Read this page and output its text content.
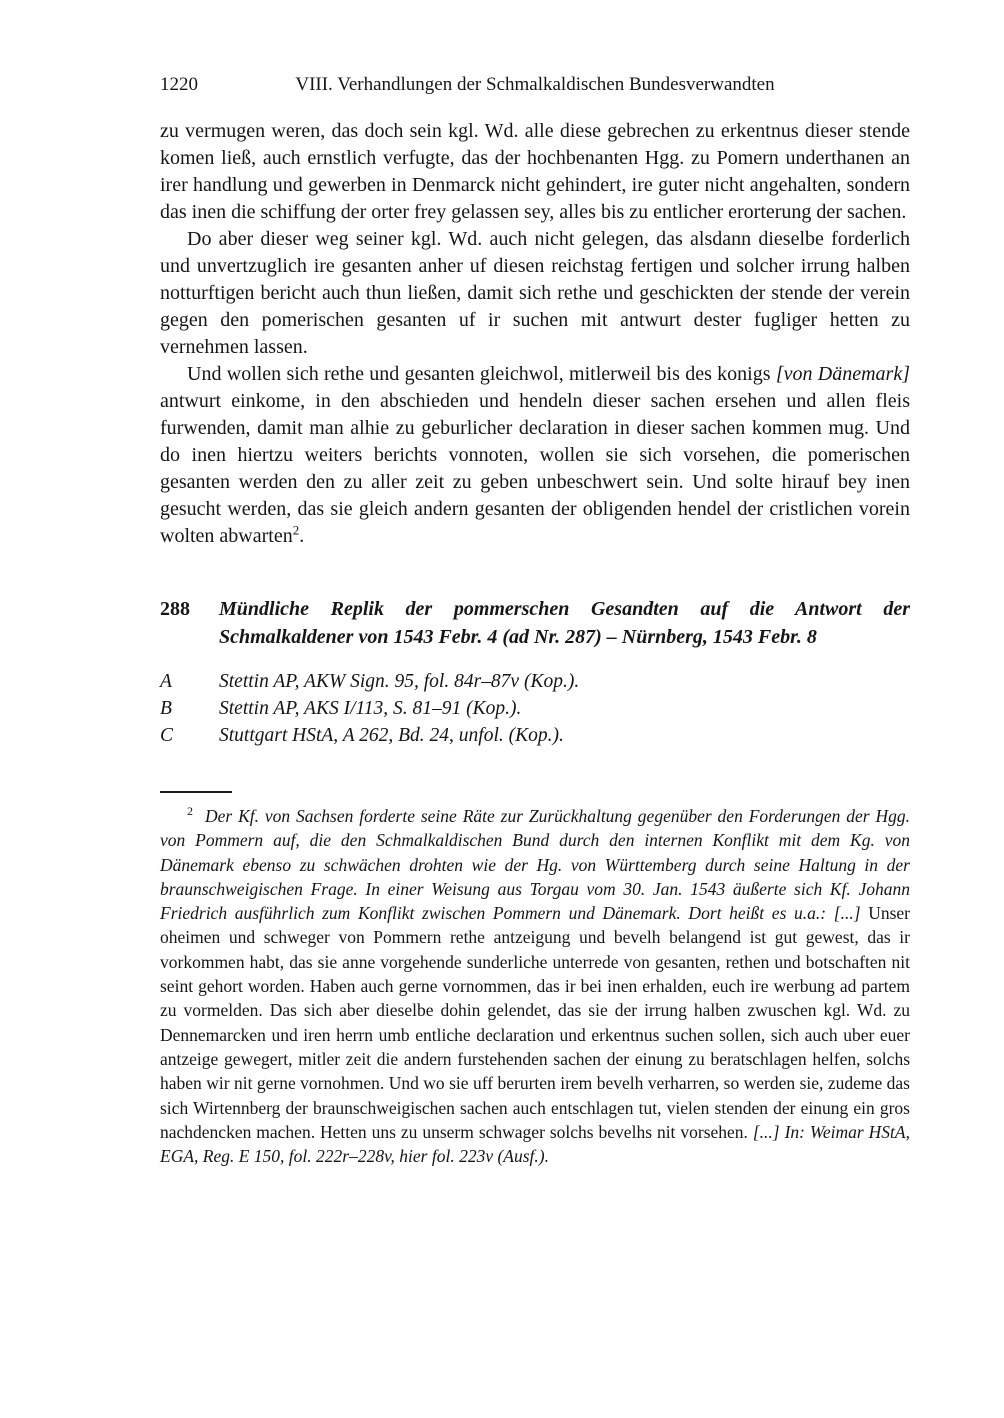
1220	VIII. Verhandlungen der Schmalkaldischen Bundesverwandten

zu vermugen weren, das doch sein kgl. Wd. alle diese gebrechen zu erkentnus dieser stende komen ließ, auch ernstlich verfugte, das der hochbenanten Hgg. zu Pomern underthanen an irer handlung und gewerben in Denmarck nicht gehindert, ire guter nicht angehalten, sondern das inen die schiffung der orter frey gelassen sey, alles bis zu entlicher erorterung der sachen.

Do aber dieser weg seiner kgl. Wd. auch nicht gelegen, das alsdann dieselbe forderlich und unvertzuglich ire gesanten anher uf diesen reichstag fertigen und solcher irrung halben notturftigen bericht auch thun ließen, damit sich rethe und geschickten der stende der verein gegen den pomerischen gesanten uf ir suchen mit antwurt dester fugliger hetten zu vernehmen lassen.

Und wollen sich rethe und gesanten gleichwol, mitlerweil bis des konigs [von Dänemark] antwurt einkome, in den abschieden und hendeln dieser sachen ersehen und allen fleis furwenden, damit man alhie zu geburlicher declaration in dieser sachen kommen mug. Und do inen hiertzu weiters berichts vonnoten, wollen sie sich vorsehen, die pomerischen gesanten werden den zu aller zeit zu geben unbeschwert sein. Und solte hirauf bey inen gesucht werden, das sie gleich andern gesanten der obligenden hendel der cristlichen vorein wolten abwarten$^2$.

288	Mündliche Replik der pommerschen Gesandten auf die Antwort der Schmalkaldener von 1543 Febr. 4 (ad Nr. 287) – Nürnberg, 1543 Febr. 8
A	Stettin AP, AKW Sign. 95, fol. 84r–87v (Kop.).
B	Stettin AP, AKS I/113, S. 81–91 (Kop.).
C	Stuttgart HStA, A 262, Bd. 24, unfol. (Kop.).

$^2$ Der Kf. von Sachsen forderte seine Räte zur Zurückhaltung gegenüber den Forderungen der Hgg. von Pommern auf, die den Schmalkaldischen Bund durch den internen Konflikt mit dem Kg. von Dänemark ebenso zu schwächen drohten wie der Hg. von Württemberg durch seine Haltung in der braunschweigischen Frage. In einer Weisung aus Torgau vom 30. Jan. 1543 äußerte sich Kf. Johann Friedrich ausführlich zum Konflikt zwischen Pommern und Dänemark. Dort heißt es u.a.: [...] Unser oheimen und schweger von Pommern rethe antzeigung und bevelh belangend ist gut gewest, das ir vorkommen habt, das sie anne vorgehende sunderliche unterrede von gesanten, rethen und botschaften nit seint gehort worden. Haben auch gerne vornommen, das ir bei inen erhalden, euch ire werbung ad partem zu vormelden. Das sich aber dieselbe dohin gelendet, das sie der irrung halben zwuschen kgl. Wd. zu Dennemarcken und iren herrn umb entliche declaration und erkentnus suchen sollen, sich auch uber euer antzeige gewegert, mitler zeit die andern furstehenden sachen der einung zu beratschlagen helfen, solchs haben wir nit gerne vornohmen. Und wo sie uff berurten irem bevelh verharren, so werden sie, zudeme das sich Wirtennberg der braunschweigischen sachen auch entschlagen tut, vielen stenden der einung ein gros nachdencken machen. Hetten uns zu unserm schwager solchs bevelhs nit vorsehen. [...] In: Weimar HStA, EGA, Reg. E 150, fol. 222r–228v, hier fol. 223v (Ausf.).
